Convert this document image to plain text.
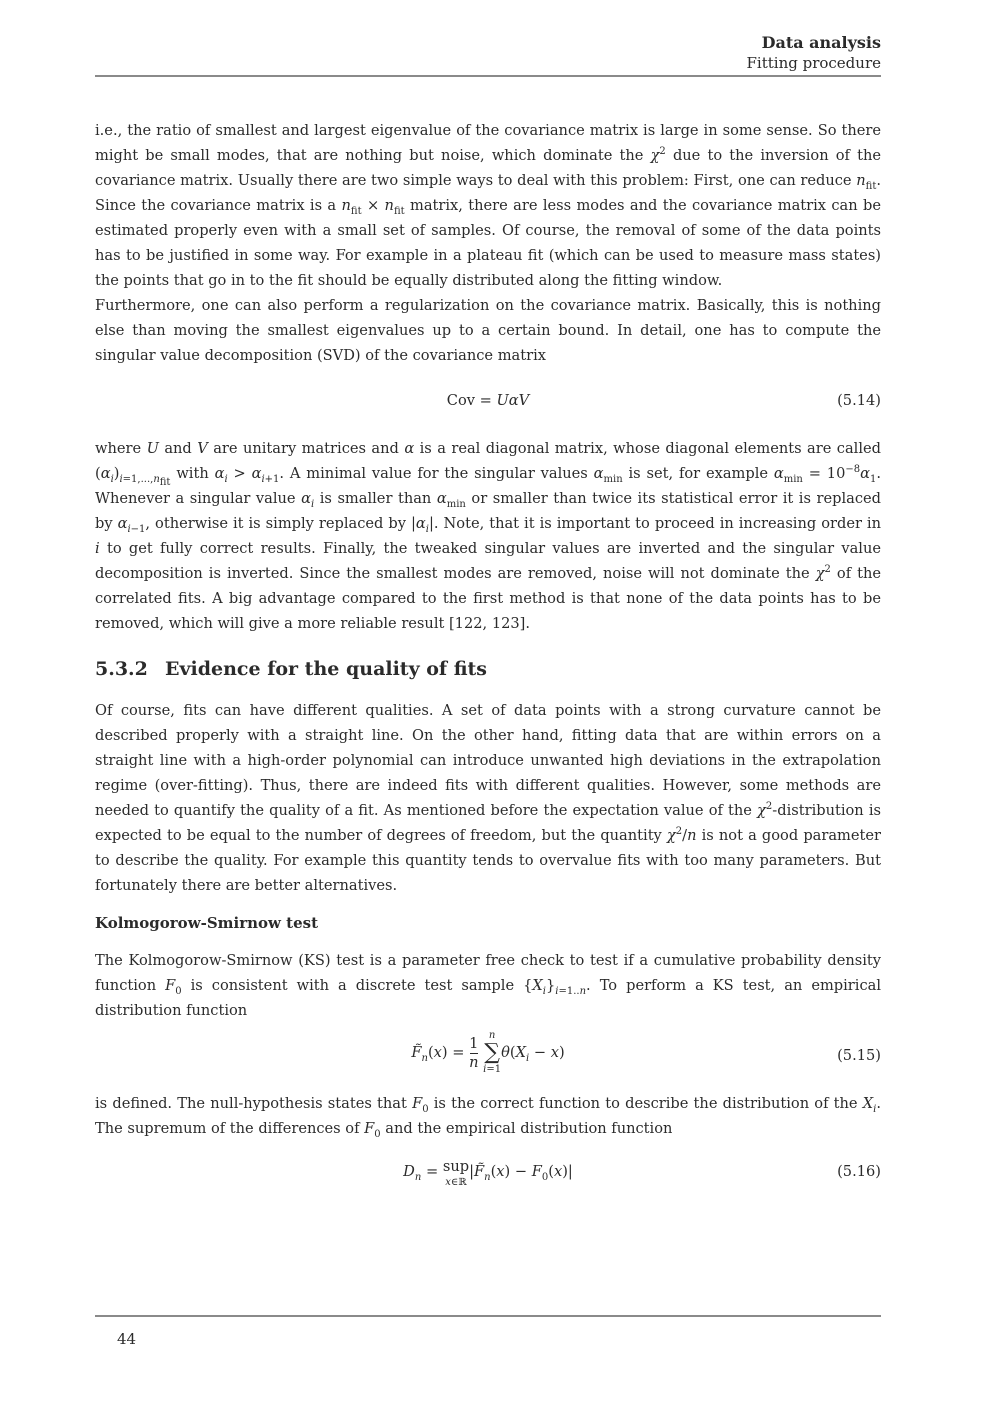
Data analysis
Fitting procedure

i.e., the ratio of smallest and largest eigenvalue of the covariance matrix is large in some sense. So there might be small modes, that are nothing but noise, which dominate the $\chi^2$ due to the inversion of the covariance matrix. Usually there are two simple ways to deal with this problem: First, one can reduce $n_{fit}$. Since the covariance matrix is a $n_{fit} \times n_{fit}$ matrix, there are less modes and the covariance matrix can be estimated properly even with a small set of samples. Of course, the removal of some of the data points has to be justified in some way. For example in a plateau fit (which can be used to measure mass states) the points that go in to the fit should be equally distributed along the fitting window.

Furthermore, one can also perform a regularization on the covariance matrix. Basically, this is nothing else than moving the smallest eigenvalues up to a certain bound. In detail, one has to compute the singular value decomposition (SVD) of the covariance matrix

Cov = UαV	(5.14)

where U and V are unitary matrices and α is a real diagonal matrix, whose diagonal elements are called $(\alpha_i)_{i=1,...,n_{fit}}$ with $\alpha_i > \alpha_{i+1}$. A minimal value for the singular values $\alpha_{min}$ is set, for example $\alpha_{min} = 10^{-8}\alpha_1$. Whenever a singular value $\alpha_i$ is smaller than $\alpha_{min}$ or smaller than twice its statistical error it is replaced by $\alpha_{i-1}$, otherwise it is simply replaced by $|\alpha_i|$. Note, that it is important to proceed in increasing order in i to get fully correct results. Finally, the tweaked singular values are inverted and the singular value decomposition is inverted. Since the smallest modes are removed, noise will not dominate the $\chi^2$ of the correlated fits. A big advantage compared to the first method is that none of the data points has to be removed, which will give a more reliable result [122, 123].

5.3.2 Evidence for the quality of fits

Of course, fits can have different qualities. A set of data points with a strong curvature cannot be described properly with a straight line. On the other hand, fitting data that are within errors on a straight line with a high-order polynomial can introduce unwanted high deviations in the extrapolation regime (over-fitting). Thus, there are indeed fits with different qualities. However, some methods are needed to quantify the quality of a fit. As mentioned before the expectation value of the $\chi^2$-distribution is expected to be equal to the number of degrees of freedom, but the quantity $\chi^2/n$ is not a good parameter to describe the quality. For example this quantity tends to overvalue fits with too many parameters. But fortunately there are better alternatives.

Kolmogorow-Smirnow test

The Kolmogorow-Smirnow (KS) test is a parameter free check to test if a cumulative probability density function $F_0$ is consistent with a discrete test sample $\{X_i\}_{i=1..n}$. To perform a KS test, an empirical distribution function

$F̃_n(x) = \frac{1}{n}$
	n
∑
i=1
$\theta(X_i - x)$	(5.15)

is defined. The null-hypothesis states that $F_0$ is the correct function to describe the distribution of the $X_i$. The supremum of the differences of $F_0$ and the empirical distribution function

$D_n$ = sup
x∈ℝ
$|F̃_n(x) - F_0(x)|$	(5.16)
44
